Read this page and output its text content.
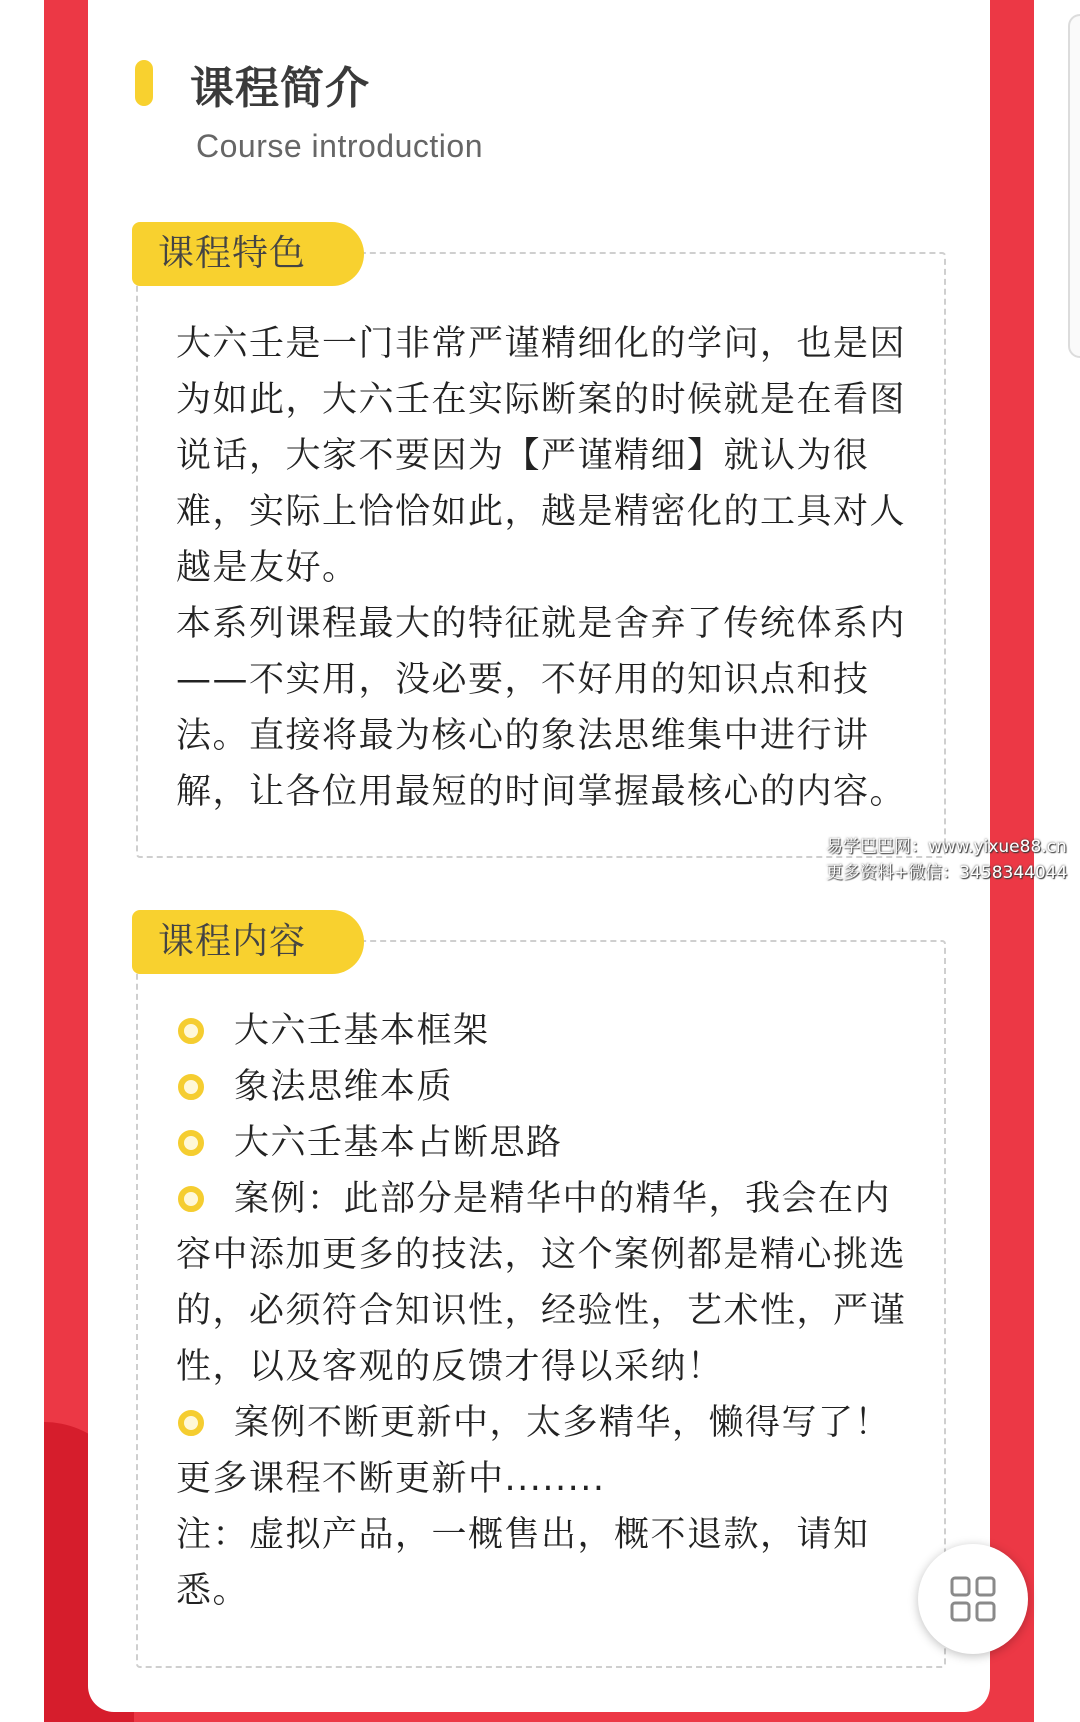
课程简介
Course introduction
课程特色

大六壬是一门非常严谨精细化的学问，也是因为如此，大六壬在实际断案的时候就是在看图说话，大家不要因为【严谨精细】就认为很难，实际上恰恰如此，越是精密化的工具对人越是友好。

本系列课程最大的特征就是舍弃了传统体系内——不实用，没必要，不好用的知识点和技法。直接将最为核心的象法思维集中进行讲解，让各位用最短的时间掌握最核心的内容。

课程内容

大六壬基本框架

象法思维本质

大六壬基本占断思路

案例：此部分是精华中的精华，我会在内容中添加更多的技法，这个案例都是精心挑选的，必须符合知识性，经验性，艺术性，严谨性，以及客观的反馈才得以采纳！

案例不断更新中，太多精华，懒得写了！

更多课程不断更新中........

注：虚拟产品，一概售出，概不退款，请知悉。

易学巴巴网：www.yixue88.cn
更多资料+微信：3458344044
